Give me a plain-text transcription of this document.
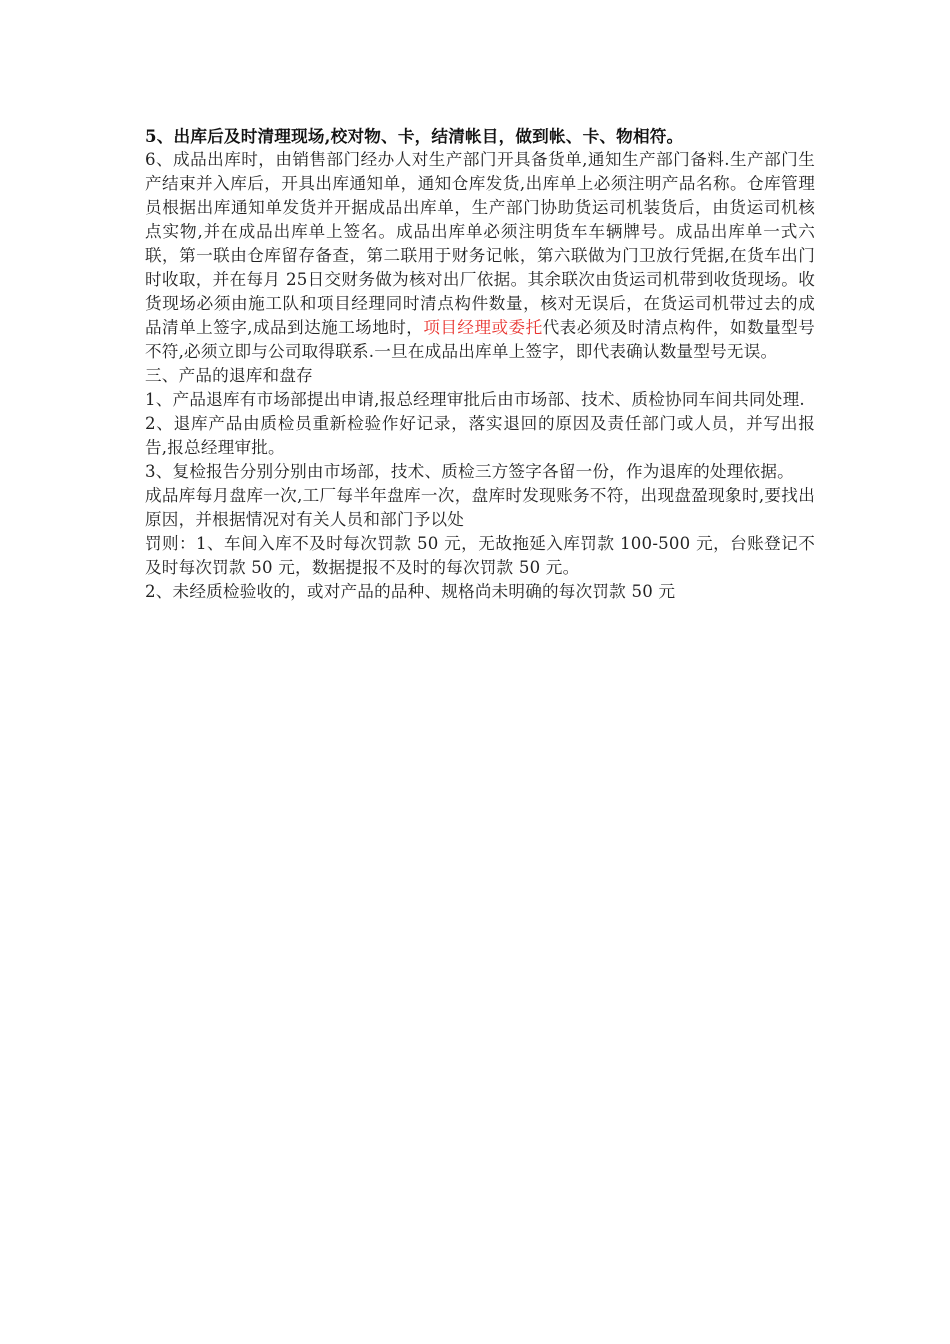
5、出库后及时清理现场,校对物、卡，结清帐目，做到帐、卡、物相符。

6、成品出库时，由销售部门经办人对生产部门开具备货单,通知生产部门备料.生产部门生产结束并入库后，开具出库通知单，通知仓库发货,出库单上必须注明产品名称。仓库管理员根据出库通知单发货并开据成品出库单，生产部门协助货运司机装货后，由货运司机核点实物,并在成品出库单上签名。成品出库单必须注明货车车辆牌号。成品出库单一式六联，第一联由仓库留存备查，第二联用于财务记帐，第六联做为门卫放行凭据,在货车出门时收取，并在每月 25日交财务做为核对出厂依据。其余联次由货运司机带到收货现场。收货现场必须由施工队和项目经理同时清点构件数量，核对无误后，在货运司机带过去的成品清单上签字,成品到达施工场地时，项目经理或委托代表必须及时清点构件，如数量型号不符,必须立即与公司取得联系.一旦在成品出库单上签字，即代表确认数量型号无误。

三、产品的退库和盘存

1、产品退库有市场部提出申请,报总经理审批后由市场部、技术、质检协同车间共同处理.

2、退库产品由质检员重新检验作好记录，落实退回的原因及责任部门或人员，并写出报告,报总经理审批。

3、复检报告分别分别由市场部，技术、质检三方签字各留一份，作为退库的处理依据。

成品库每月盘库一次,工厂每半年盘库一次，盘库时发现账务不符，出现盘盈现象时,要找出原因，并根据情况对有关人员和部门予以处

罚则：1、车间入库不及时每次罚款 50 元，无故拖延入库罚款 100-500 元，台账登记不及时每次罚款 50 元，数据提报不及时的每次罚款 50 元。

2、未经质检验收的，或对产品的品种、规格尚未明确的每次罚款 50 元
